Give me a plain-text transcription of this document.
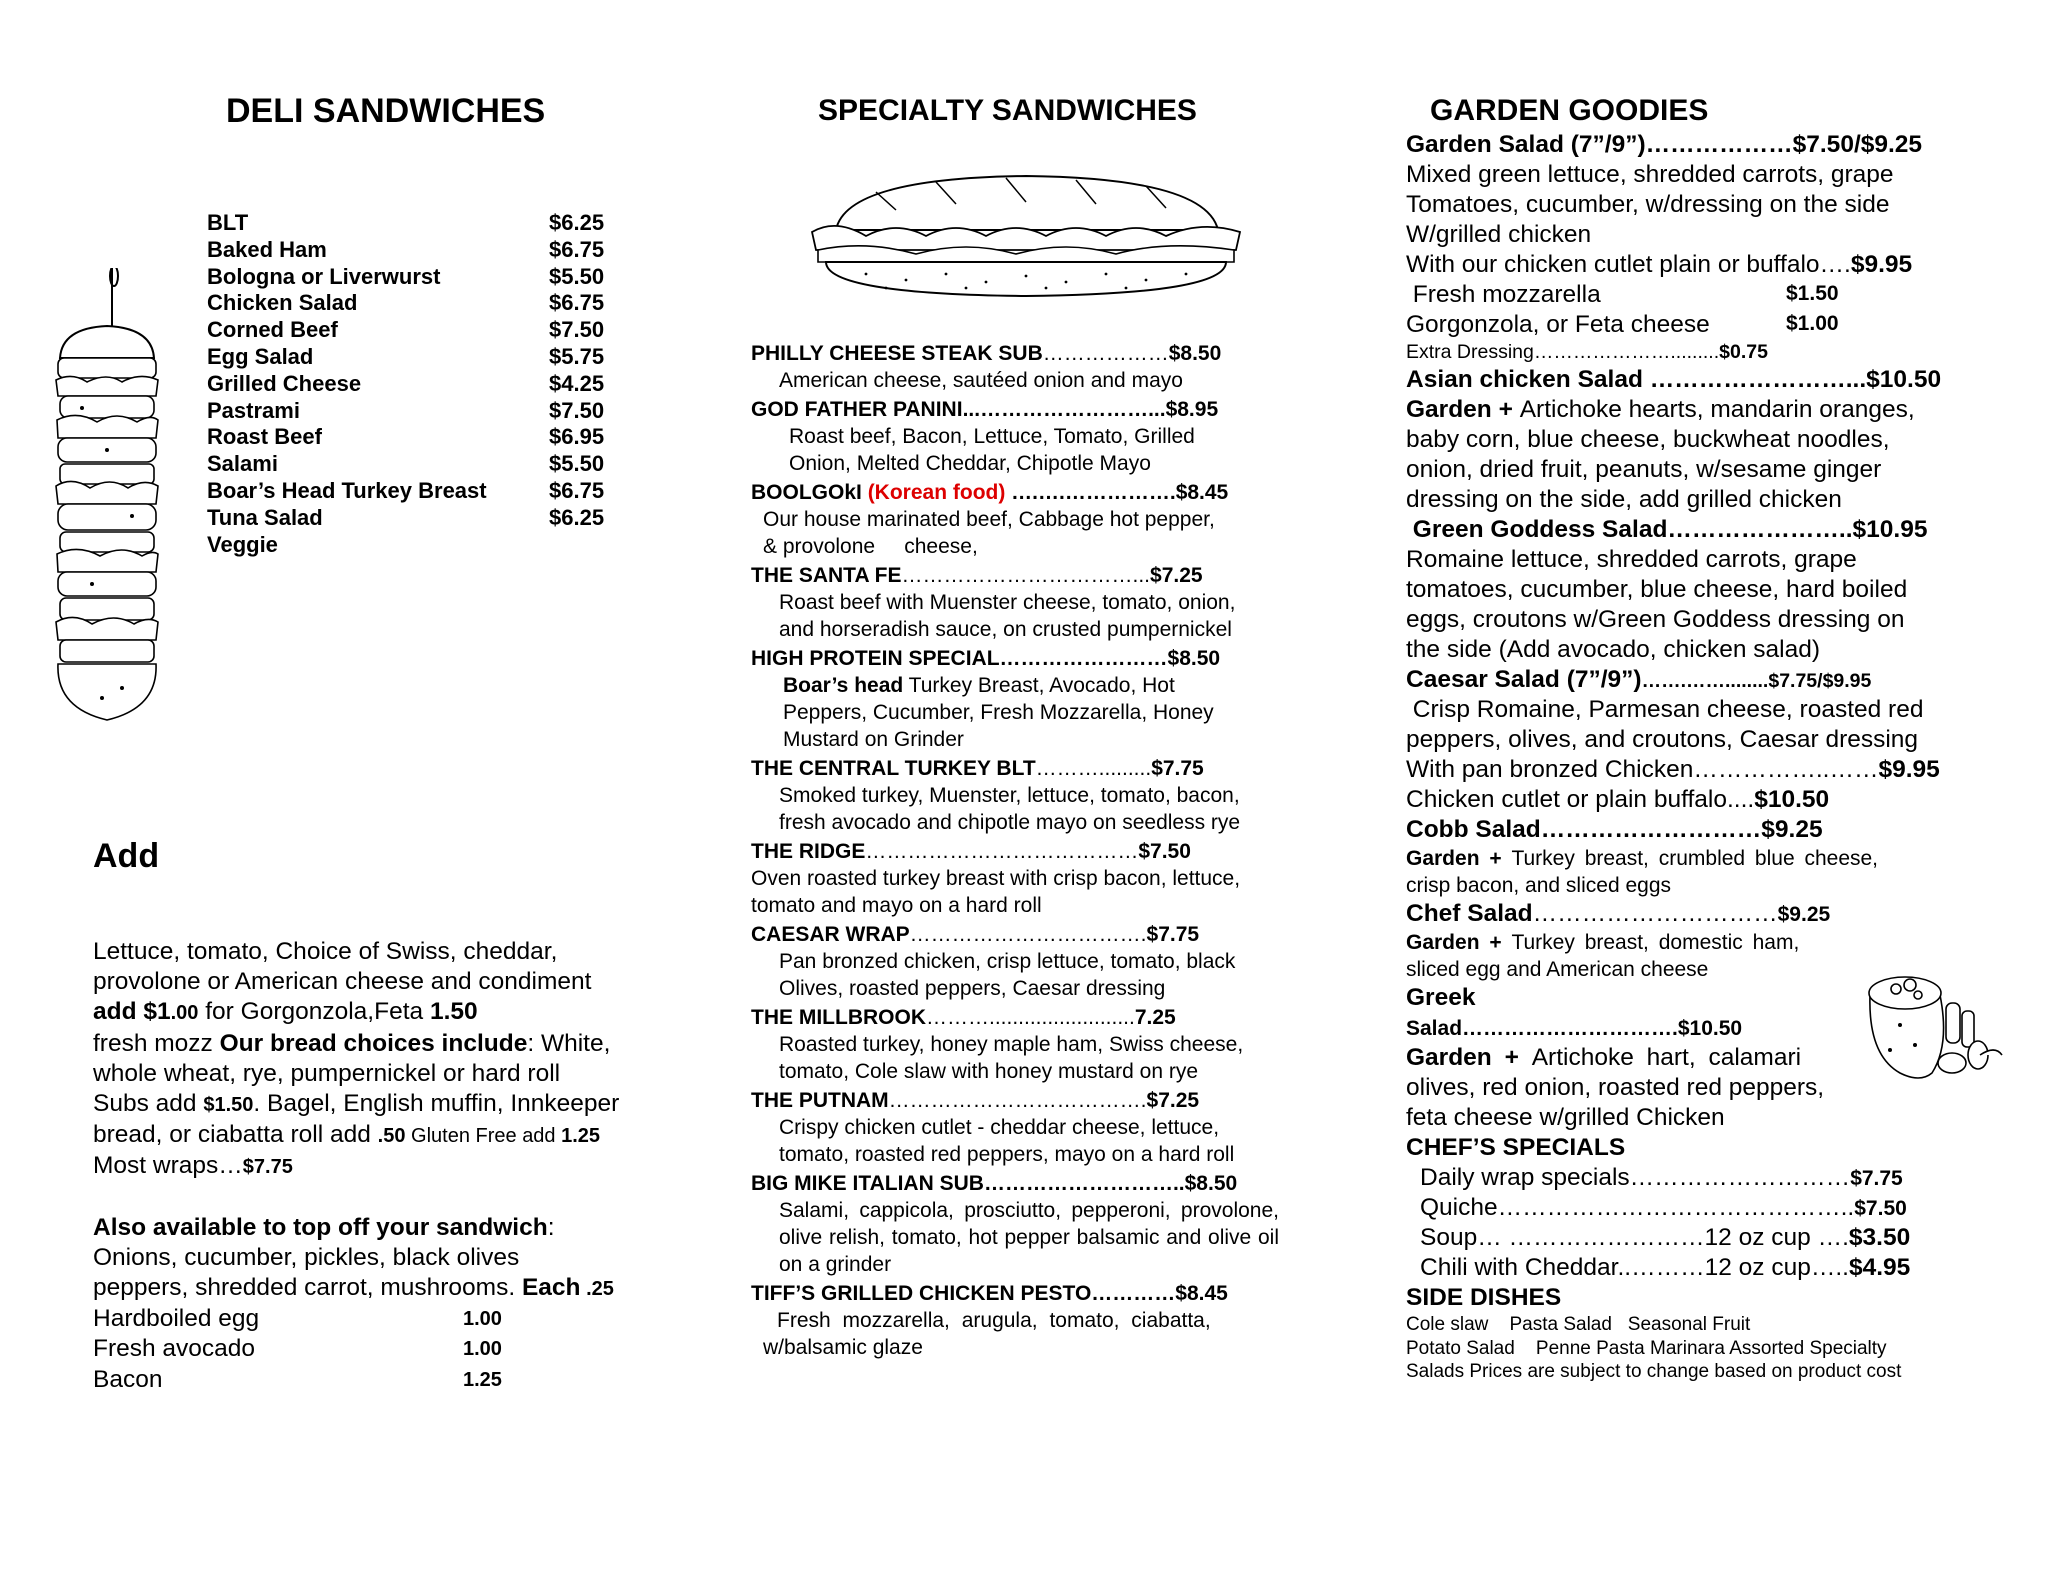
DELI SANDWICHES
BLT	$6.25
Baked Ham	$6.75
Bologna or Liverwurst	$5.50
Chicken Salad	$6.75
Corned Beef	$7.50
Egg Salad	$5.75
Grilled Cheese	$4.25
Pastrami	$7.50
Roast Beef	$6.95
Salami	$5.50
Boar’s Head Turkey Breast	$6.75
Tuna Salad	$6.25
Veggie
Add

Lettuce, tomato, Choice of Swiss, cheddar,

provolone or American cheese and condiment

add $1.00 for Gorgonzola,Feta 1.50

fresh mozz Our bread choices include: White,

whole wheat, rye, pumpernickel or hard roll

Subs add $1.50. Bagel, English muffin, Innkeeper

bread, or ciabatta roll add .50 Gluten Free add 1.25

Most wraps…$7.75

Also available to top off your sandwich:

Onions, cucumber, pickles, black olives

peppers, shredded carrot, mushrooms. Each .25

Hardboiled egg	1.00
Fresh avocado	1.00
Bacon	1.25
SPECIALTY SANDWICHES
PHILLY CHEESE STEAK SUB………………$8.50
American cheese, sautéed onion and mayo
GOD FATHER PANINI...……………………...$8.95
Roast beef, Bacon, Lettuce, Tomato, Grilled
Onion, Melted Cheddar, Chipotle Mayo
BOOLGOkI (Korean food) ….….…………….$8.45
Our house marinated beef, Cabbage hot pepper,
& provolone     cheese,
THE SANTA FE……………………………...$7.25
Roast beef with Muenster cheese, tomato, onion,
and horseradish sauce, on crusted pumpernickel
HIGH PROTEIN SPECIAL……………………$8.50
Boar’s head Turkey Breast, Avocado, Hot
Peppers, Cucumber, Fresh Mozzarella, Honey
Mustard on Grinder
THE CENTRAL TURKEY BLT……….........$7.75
Smoked turkey, Muenster, lettuce, tomato, bacon,
fresh avocado and chipotle mayo on seedless rye
THE RIDGE…………………………………$7.50
Oven roasted turkey breast with crisp bacon, lettuce,
tomato and mayo on a hard roll
CAESAR WRAP…………………………….$7.75
Pan bronzed chicken, crisp lettuce, tomato, black
Olives, roasted peppers, Caesar dressing
THE MILLBROOK……….........................7.25
Roasted turkey, honey maple ham, Swiss cheese,
tomato, Cole slaw with honey mustard on rye
THE PUTNAM……………………………….$7.25
Crispy chicken cutlet - cheddar cheese, lettuce,
tomato, roasted red peppers, mayo on a hard roll
BIG MIKE ITALIAN SUB………………………..$8.50
Salami, cappicola, prosciutto, pepperoni, provolone, olive relish, tomato, hot pepper balsamic and olive oil on a grinder
TIFF’S GRILLED CHICKEN PESTO…………$8.45
Fresh mozzarella, arugula, tomato, ciabatta,
w/balsamic glaze
GARDEN GOODIES

Garden Salad (7”/9”)………………$7.50/$9.25

Mixed green lettuce, shredded carrots, grape

Tomatoes, cucumber, w/dressing on the side

W/grilled chicken

With our chicken cutlet plain or buffalo….$9.95

Fresh mozzarella	$1.50

Gorgonzola, or Feta cheese	$1.00

Extra Dressing………………….........$0.75

Asian chicken Salad ……………………...$10.50

Garden + Artichoke hearts, mandarin oranges,

baby corn, blue cheese, buckwheat noodles,

onion, dried fruit, peanuts, w/sesame ginger

dressing on the side, add grilled chicken

Green Goddess Salad…………………..$10.95

Romaine lettuce, shredded carrots, grape

tomatoes, cucumber, blue cheese, hard boiled

eggs, croutons w/Green Goddess dressing on

the side (Add avocado, chicken salad)

Caesar Salad (7”/9”)…….……........$7.75/$9.95

Crisp Romaine, Parmesan cheese, roasted red

peppers, olives, and croutons, Caesar dressing

With pan bronzed Chicken……………..……$9.95

Chicken cutlet or plain buffalo....$10.50

Cobb Salad………………………$9.25

Garden + Turkey breast, crumbled blue cheese,

crisp bacon, and sliced eggs

Chef Salad…………………………$9.25

Garden + Turkey breast, domestic ham,

sliced egg and American cheese

Greek

Salad………………………….$10.50

Garden + Artichoke hart, calamari

olives, red onion, roasted red peppers,

feta cheese w/grilled Chicken

CHEF’S SPECIALS

Daily wrap specials………………………$7.75

Quiche……………………………………..$7.50

Soup… ……………………12 oz cup ….$3.50

Chili with Cheddar..………12 oz cup…..$4.95

SIDE DISHES

Cole slaw    Pasta Salad   Seasonal Fruit

Potato Salad    Penne Pasta Marinara Assorted Specialty

Salads Prices are subject to change based on product cost
